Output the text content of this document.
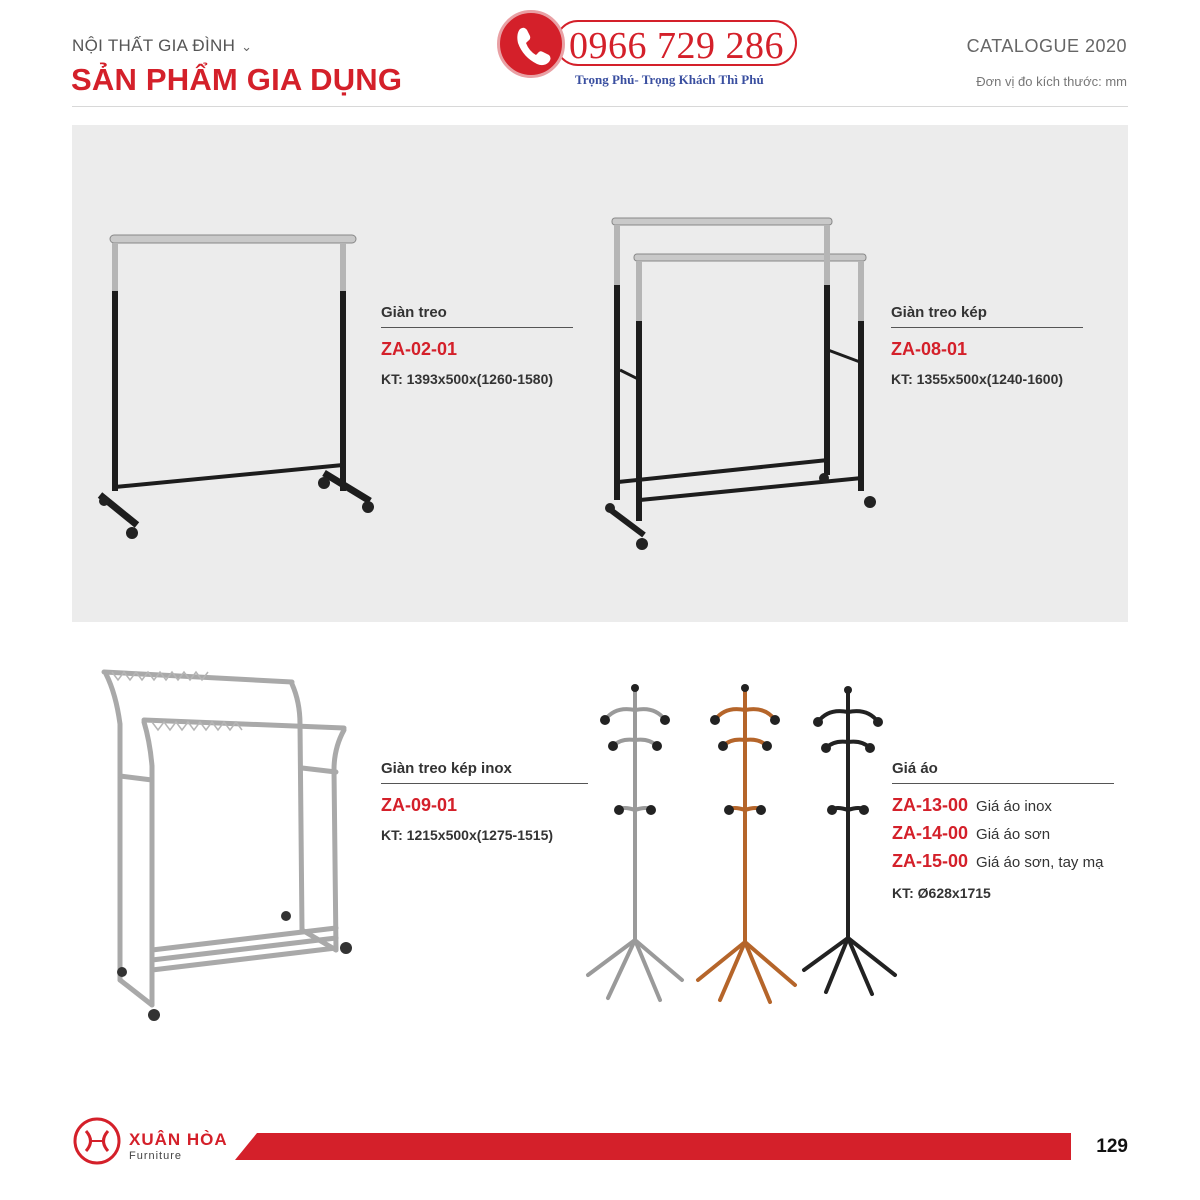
NỘI THẤT GIA ĐÌNH ⌄
SẢN PHẨM GIA DỤNG
CATALOGUE 2020
Đơn vị đo kích thước: mm
0966 729 286
Trọng Phú- Trọng Khách Thì Phú
Giàn treo
ZA-02-01
KT: 1393x500x(1260-1580)
Giàn treo kép
ZA-08-01
KT: 1355x500x(1240-1600)
Giàn treo kép inox
ZA-09-01
KT: 1215x500x(1275-1515)
Giá áo
ZA-13-00 Giá áo inox
ZA-14-00 Giá áo sơn
ZA-15-00 Giá áo sơn, tay mạ
KT: Ø628x1715
XUÂN HÒA
Furniture	129
